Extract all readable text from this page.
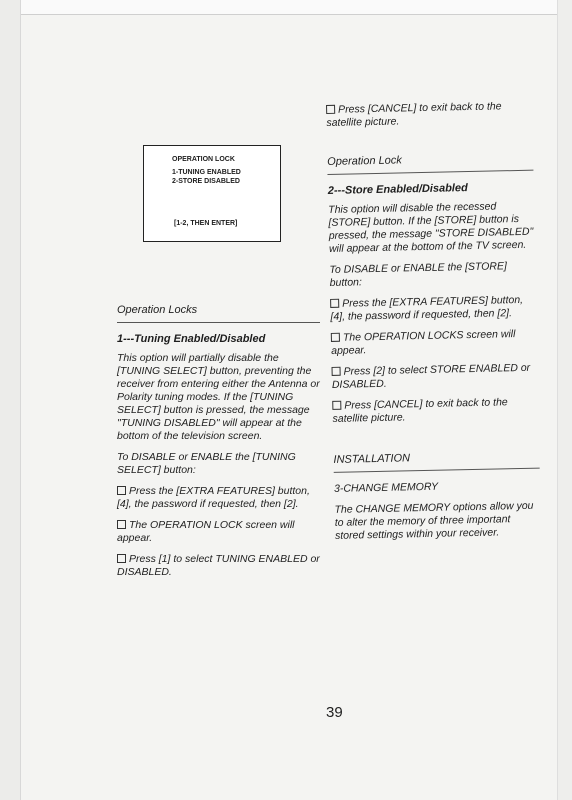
OPERATION LOCK
1-TUNING ENABLED
2-STORE DISABLED
[1-2, THEN ENTER]

Operation Locks

1---Tuning Enabled/Disabled

This option will partially disable the [TUNING SELECT] button, preventing the receiver from entering either the Antenna or Polarity tuning modes. If the [TUNING SELECT] button is pressed, the message "TUNING DISABLED" will appear at the bottom of the television screen.

To DISABLE or ENABLE the [TUNING SELECT] button:

Press the [EXTRA FEATURES] button, [4], the password if requested, then [2].

The OPERATION LOCK screen will appear.

Press [1] to select TUNING ENABLED or DISABLED.

Press [CANCEL] to exit back to the satellite picture.

Operation Lock

2---Store Enabled/Disabled

This option will disable the recessed [STORE] button. If the [STORE] button is pressed, the message "STORE DISABLED" will appear at the bottom of the TV screen.

To DISABLE or ENABLE the [STORE] button:

Press the [EXTRA FEATURES] button, [4], the password if requested, then [2].

The OPERATION LOCKS screen will appear.

Press [2] to select STORE ENABLED or DISABLED.

Press [CANCEL] to exit back to the satellite picture.

INSTALLATION

3-CHANGE MEMORY

The CHANGE MEMORY options allow you to alter the memory of three important stored settings within your receiver.

39
